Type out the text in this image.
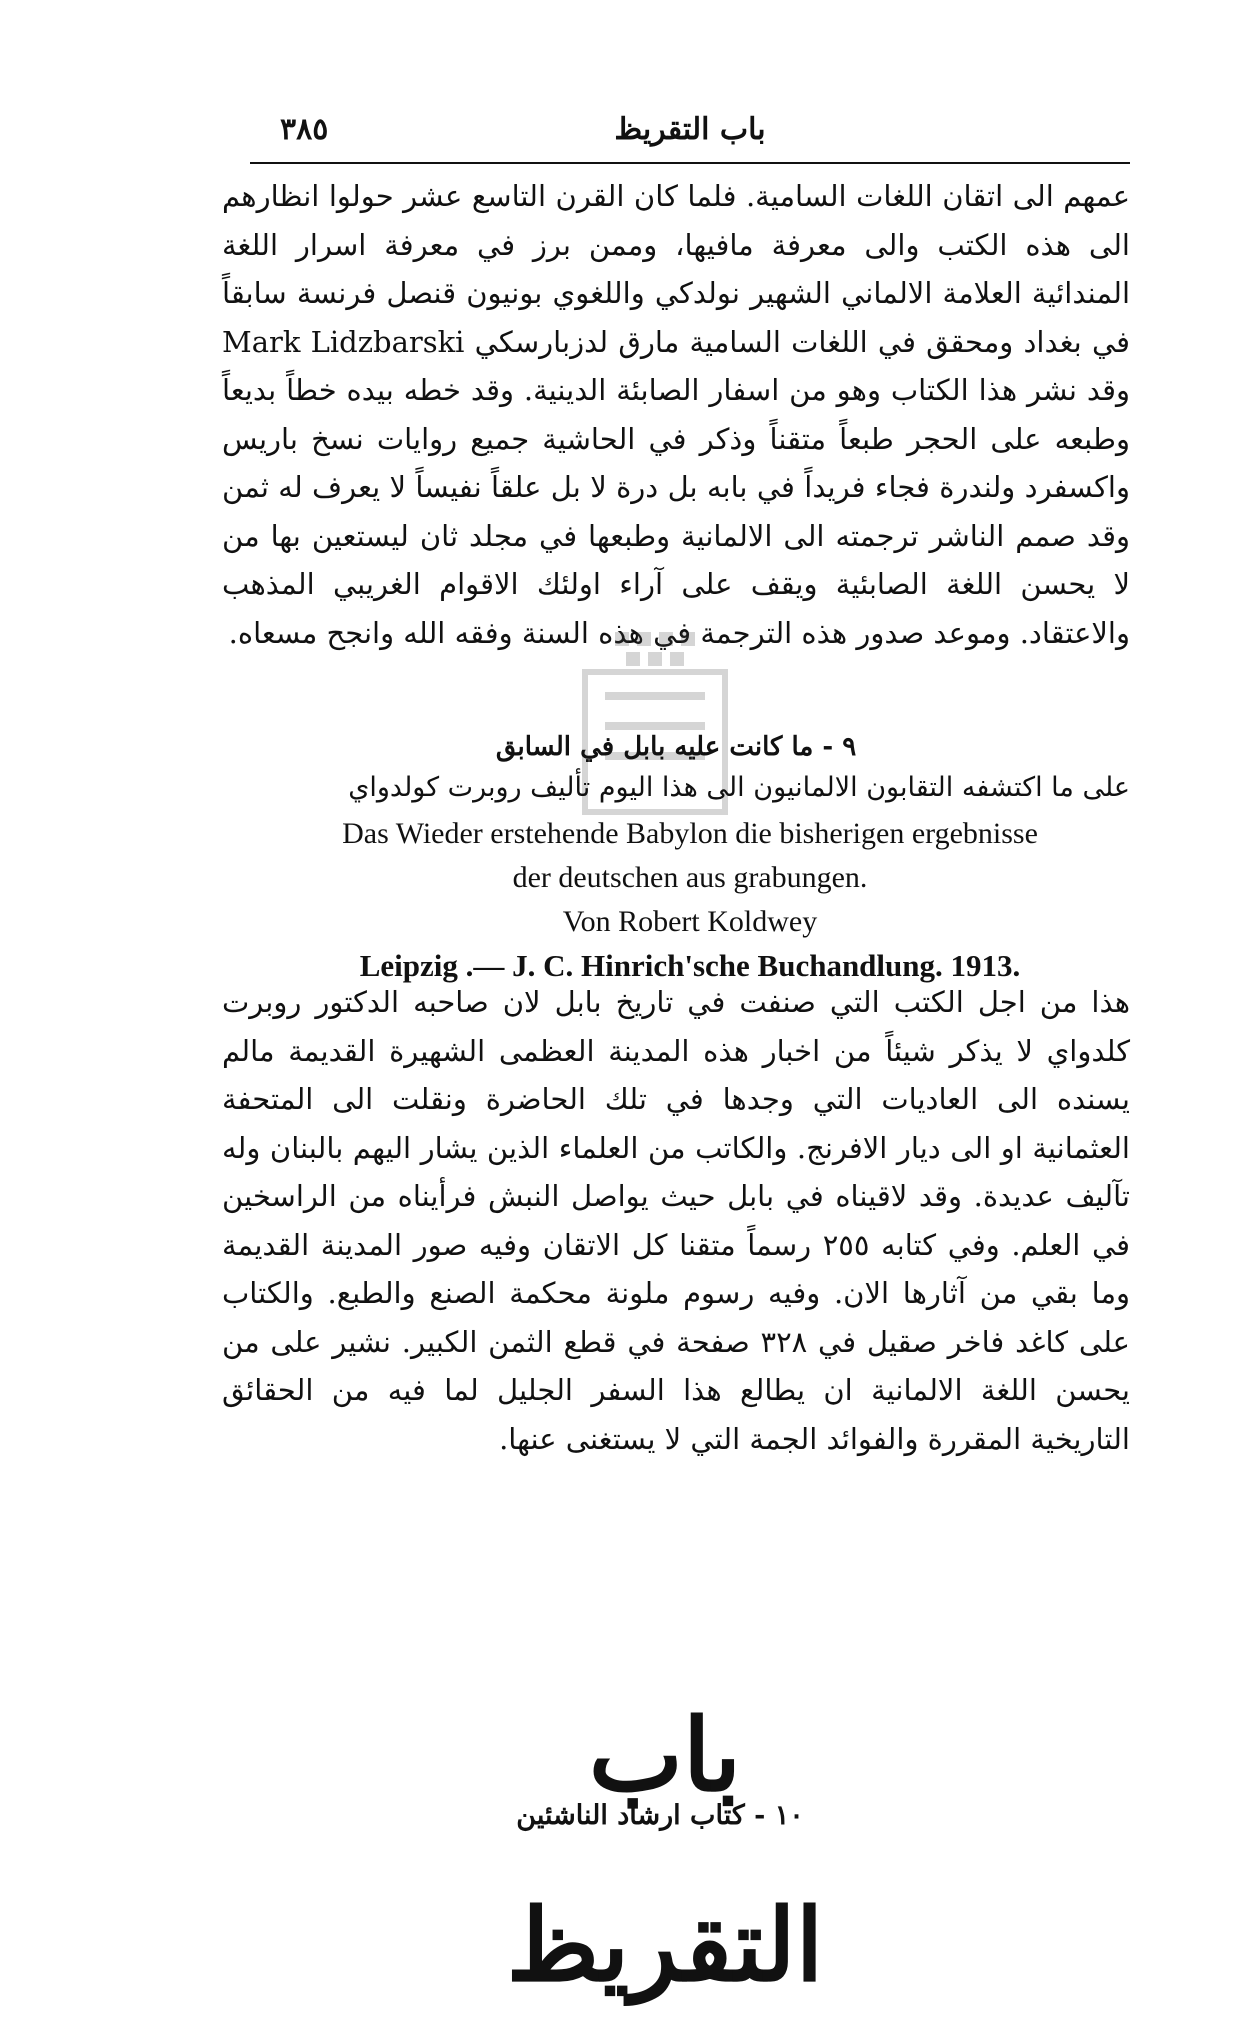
٣٨٥	باب التقريظ

عمهم الى اتقان اللغات السامية. فلما كان القرن التاسع عشر حولوا انظارهم الى هذه الكتب والى معرفة مافيها، وممن برز في معرفة اسرار اللغة المندائية العلامة الالماني الشهير نولدكي واللغوي بونيون قنصل فرنسة سابقاً في بغداد ومحقق في اللغات السامية مارق لدزبارسكي Mark Lidzbarski وقد نشر هذا الكتاب وهو من اسفار الصابئة الدينية. وقد خطه بيده خطاً بديعاً وطبعه على الحجر طبعاً متقناً وذكر في الحاشية جميع روايات نسخ باريس واكسفرد ولندرة فجاء فريداً في بابه بل درة لا بل علقاً نفيساً لا يعرف له ثمن وقد صمم الناشر ترجمته الى الالمانية وطبعها في مجلد ثان ليستعين بها من لا يحسن اللغة الصابئية ويقف على آراء اولئك الاقوام الغريبي المذهب والاعتقاد. وموعد صدور هذه الترجمة في هذه السنة وفقه الله وانجح مسعاه.

٩ - ما كانت عليه بابل في السابق
على ما اكتشفه التقابون الالمانيون الى هذا اليوم تأليف روبرت كولدواي
Das Wieder erstehende Babylon die bisherigen ergebnisse
der deutschen aus grabungen.
Von Robert Koldwey
Leipzig .— J. C. Hinrich'sche Buchandlung. 1913.

هذا من اجل الكتب التي صنفت في تاريخ بابل لان صاحبه الدكتور روبرت كلدواي لا يذكر شيئاً من اخبار هذه المدينة العظمى الشهيرة القديمة مالم يسنده الى العاديات التي وجدها في تلك الحاضرة ونقلت الى المتحفة العثمانية او الى ديار الافرنج. والكاتب من العلماء الذين يشار اليهم بالبنان وله تآليف عديدة. وقد لاقيناه في بابل حيث يواصل النبش فرأيناه من الراسخين في العلم. وفي كتابه ٢٥٥ رسماً متقنا كل الاتقان وفيه صور المدينة القديمة وما بقي من آثارها الان. وفيه رسوم ملونة محكمة الصنع والطبع. والكتاب على كاغد فاخر صقيل في ٣٢٨ صفحة في قطع الثمن الكبير. نشير على من يحسن اللغة الالمانية ان يطالع هذا السفر الجليل لما فيه من الحقائق التاريخية المقررة والفوائد الجمة التي لا يستغنى عنها.

باب التقريظ
١٠ - كتاب ارشاد الناشئين
